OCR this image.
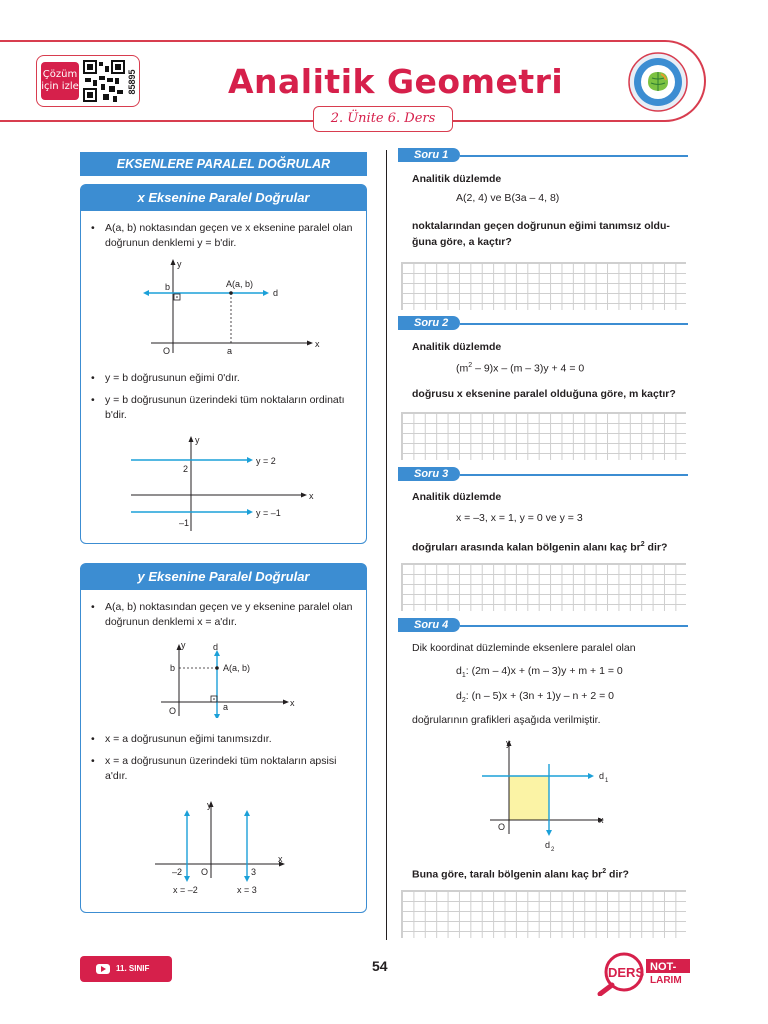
Çözüm için izle	85895	Analitik Geometri
2. Ünite 6. Ders
EKSENLERE PARALEL DOĞRULAR
x Eksenine Paralel Doğrular
• A(a, b) noktasından geçen ve x eksenine paralel olan doğrunun denklemi y = b'dir.
y
x
b
O	a
A(a, b)
d
• y = b doğrusunun eğimi 0'dır.
• y = b doğrusunun üzerindeki tüm noktaların ordinatı b'dir.
y
x
2
–1
y = 2
y = –1
y Eksenine Paralel Doğrular
• A(a, b) noktasından geçen ve y eksenine paralel olan doğrunun denklemi x = a'dır.
y
x
b
O	a
A(a, b)
d
• x = a doğrusunun eğimi tanımsızdır.
• x = a doğrusunun üzerindeki tüm noktaların apsisi a'dır.
y
x
–2 O	3
x = –2	x = 3
Soru 1
Analitik düzlemde
A(2, 4) ve B(3a – 4, 8)
noktalarından geçen doğrunun eğimi tanımsız oldu-
ğuna göre, a kaçtır?
Soru 2
Analitik düzlemde
$(m^2 - 9)x - (m - 3)y + 4 = 0$
doğrusu x eksenine paralel olduğuna göre, m kaçtır?
Soru 3
Analitik düzlemde
x = –3, x = 1, y = 0 ve y = 3
doğruları arasında kalan bölgenin alanı kaç $br^2$ dir?
Soru 4
Dik koordinat düzleminde eksenlere paralel olan
$d_1$: (2m – 4)x + (m – 3)y + m + 1 = 0
$d_2$: (n – 5)x + (3n + 1)y – n + 2 = 0
doğrularının grafikleri aşağıda verilmiştir.
y
x
O
d 1
d 2
Buna göre, taralı bölgenin alanı kaç $br^2$ dir?
11. SINIF	54	DERS NOT-
LARIM
